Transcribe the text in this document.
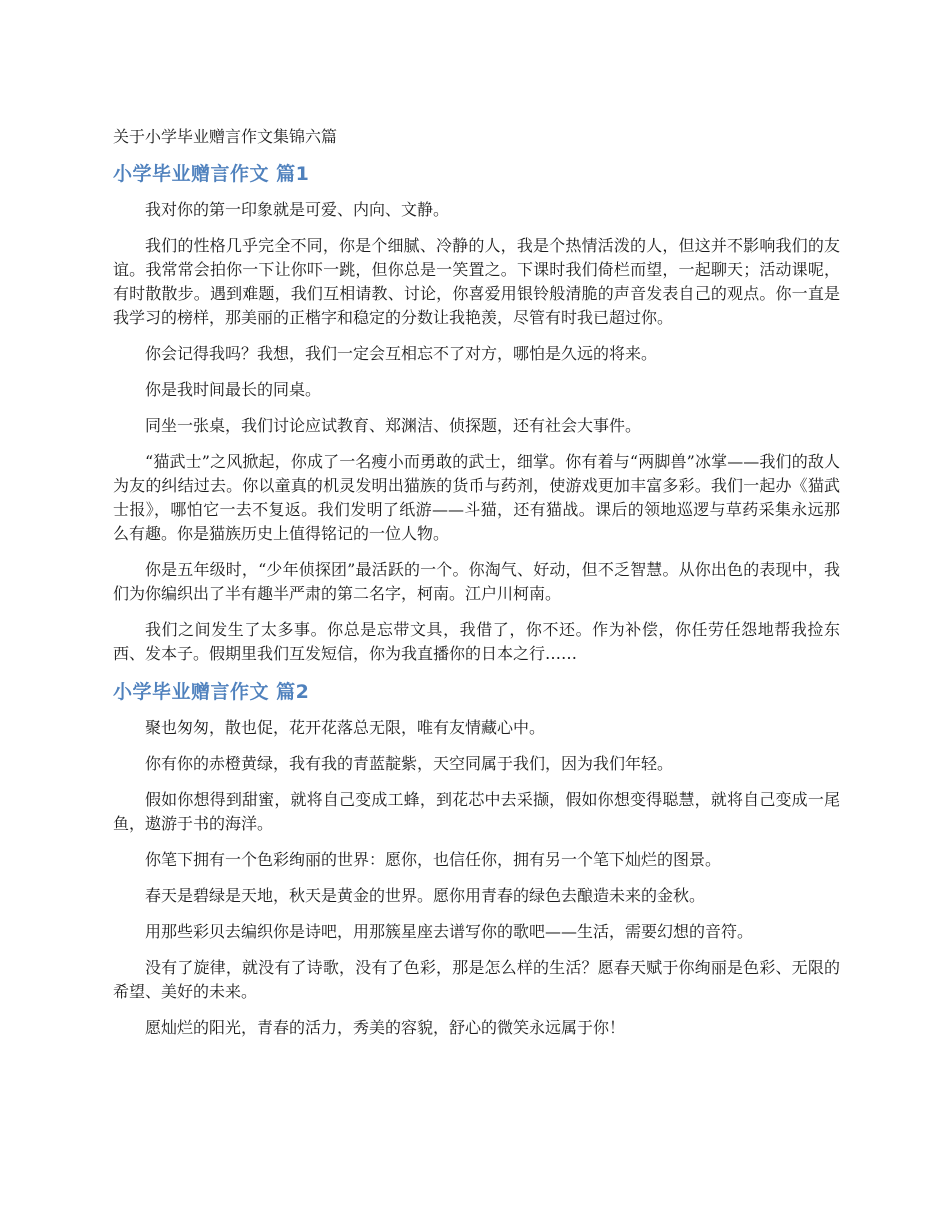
关于小学毕业赠言作文集锦六篇
小学毕业赠言作文 篇1

我对你的第一印象就是可爱、内向、文静。

我们的性格几乎完全不同，你是个细腻、冷静的人，我是个热情活泼的人，但这并不影响我们的友谊。我常常会拍你一下让你吓一跳，但你总是一笑置之。下课时我们倚栏而望，一起聊天；活动课呢，有时散散步。遇到难题，我们互相请教、讨论，你喜爱用银铃般清脆的声音发表自己的观点。你一直是我学习的榜样，那美丽的正楷字和稳定的分数让我艳羡，尽管有时我已超过你。

你会记得我吗？我想，我们一定会互相忘不了对方，哪怕是久远的将来。

你是我时间最长的同桌。

同坐一张桌，我们讨论应试教育、郑渊洁、侦探题，还有社会大事件。

“猫武士”之风掀起，你成了一名瘦小而勇敢的武士，细掌。你有着与“两脚兽”冰掌——我们的敌人为友的纠结过去。你以童真的机灵发明出猫族的货币与药剂，使游戏更加丰富多彩。我们一起办《猫武士报》，哪怕它一去不复返。我们发明了纸游——斗猫，还有猫战。课后的领地巡逻与草药采集永远那么有趣。你是猫族历史上值得铭记的一位人物。

你是五年级时，“少年侦探团”最活跃的一个。你淘气、好动，但不乏智慧。从你出色的表现中，我们为你编织出了半有趣半严肃的第二名字，柯南。江户川柯南。

我们之间发生了太多事。你总是忘带文具，我借了，你不还。作为补偿，你任劳任怨地帮我捡东西、发本子。假期里我们互发短信，你为我直播你的日本之行……

小学毕业赠言作文 篇2

聚也匆匆，散也促，花开花落总无限，唯有友情藏心中。

你有你的赤橙黄绿，我有我的青蓝靛紫，天空同属于我们，因为我们年轻。

假如你想得到甜蜜，就将自己变成工蜂，到花芯中去采撷，假如你想变得聪慧，就将自己变成一尾鱼，遨游于书的海洋。

你笔下拥有一个色彩绚丽的世界：愿你，也信任你，拥有另一个笔下灿烂的图景。

春天是碧绿是天地，秋天是黄金的世界。愿你用青春的绿色去酿造未来的金秋。

用那些彩贝去编织你是诗吧，用那簇星座去谱写你的歌吧——生活，需要幻想的音符。

没有了旋律，就没有了诗歌，没有了色彩，那是怎么样的生活？愿春天赋于你绚丽是色彩、无限的希望、美好的未来。

愿灿烂的阳光，青春的活力，秀美的容貌，舒心的微笑永远属于你！
